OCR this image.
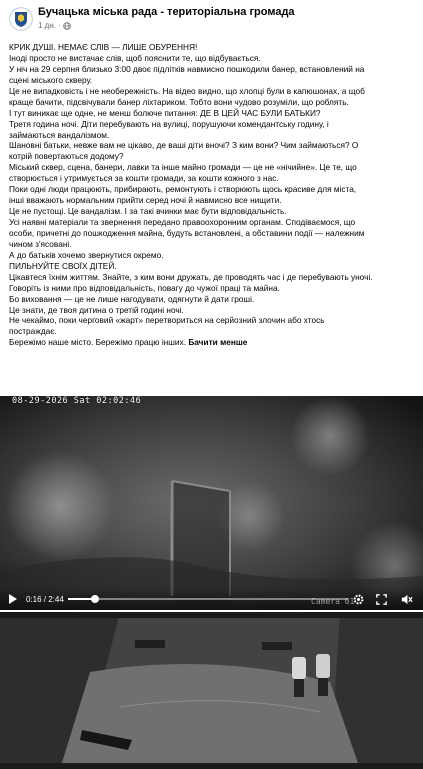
Бучацька міська рада - територіальна громада
1 дн. ·
КРИК ДУШІ. НЕМАЄ СЛІВ — ЛИШЕ ОБУРЕННЯ!
Іноді просто не вистачає слів, щоб пояснити те, що відбувається.
У ніч на 29 серпня близько 3:00 двоє підлітків навмисно пошкодили банер, встановлений на
сцені міського скверу.
Це не випадковість і не необережність. На відео видно, що хлопці були в капюшонах, а щоб
краще бачити, підсвічували банер ліхтариком. Тобто вони чудово розуміли, що роблять.
І тут виникає ще одне, не менш болюче питання: ДЕ В ЦЕЙ ЧАС БУЛИ БАТЬКИ?
Третя година ночі. Діти перебувають на вулиці, порушуючи комендантську годину, і
займаються вандалізмом.
Шановні батьки, невже вам не цікаво, де ваші діти вночі? З ким вони? Чим займаються? О
котрій повертаються додому?
Міський сквер, сцена, банери, лавки та інше майно громади — це не «нічийне». Це те, що
створюється і утримується за кошти громади, за кошти кожного з нас.
Поки одні люди працюють, прибирають, ремонтують і створюють щось красиве для міста,
інші вважають нормальним прийти серед ночі й навмисно все нищити.
Це не пустощі. Це вандалізм. І за такі вчинки має бути відповідальність.
Усі наявні матеріали та звернення передано правоохоронним органам. Сподіваємося, що
особи, причетні до пошкодження майна, будуть встановлені, а обставини події — належним
чином з'ясовані.
А до батьків хочемо звернутися окремо.
ПИЛЬНУЙТЕ СВОЇХ ДІТЕЙ.
Цікавтеся їхнім життям. Знайте, з ким вони дружать, де проводять час і де перебувають уночі.
Говоріть із ними про відповідальність, повагу до чужої праці та майна.
Бо виховання — це не лише нагодувати, одягнути й дати гроші.
Це знати, де твоя дитина о третій годині ночі.
Не чекаймо, поки черговий «жарт» перетвориться на серйозний злочин або хтось
постраждає.
Бережімо наше місто. Бережімо працю інших. Бачити менше
08-29-2026 Sat 02:02:46
0:16 / 2:44	Camera 01
